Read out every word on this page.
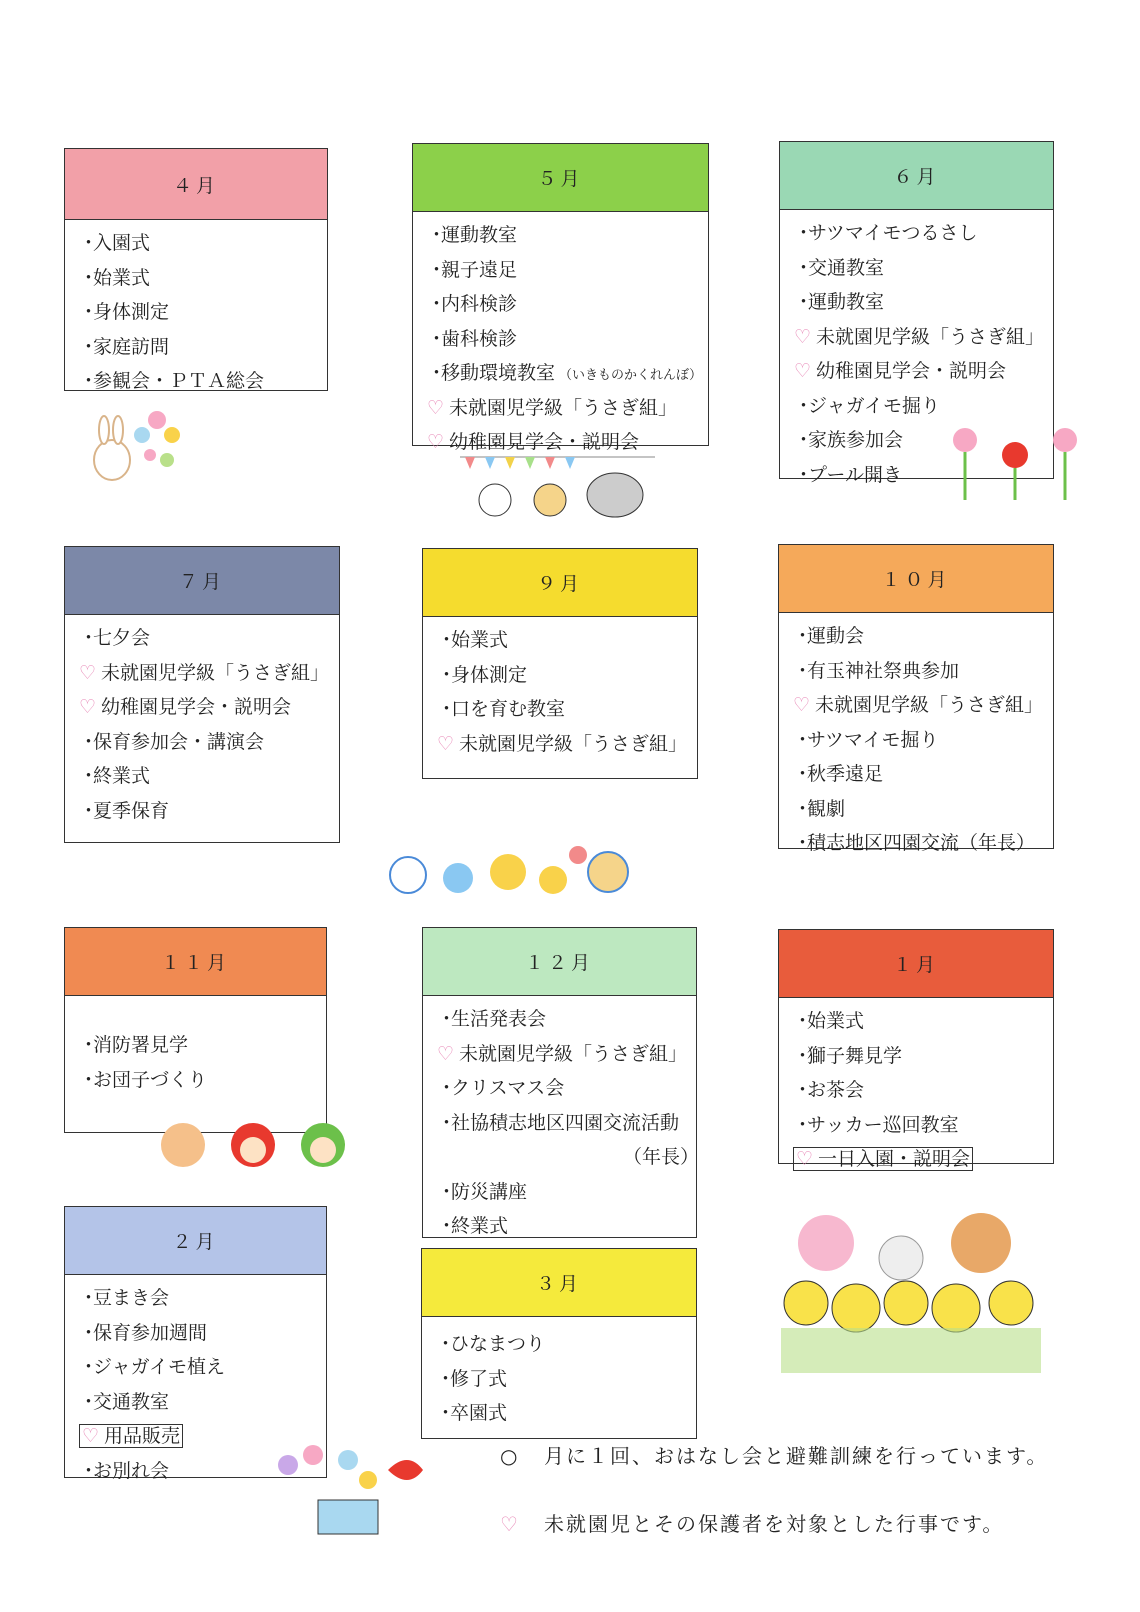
４月
・入園式
・始業式
・身体測定
・家庭訪問
・参観会・ＰＴＡ総会
５月
・運動教室
・親子遠足
・内科検診
・歯科検診
・移動環境教室 （いきものかくれんぼ）
♡ 未就園児学級「うさぎ組」
♡ 幼稚園見学会・説明会
６月
・サツマイモつるさし
・交通教室
・運動教室
♡ 未就園児学級「うさぎ組」
♡ 幼稚園見学会・説明会
・ジャガイモ掘り
・家族参加会
・プール開き
７月
・七夕会
♡ 未就園児学級「うさぎ組」
♡ 幼稚園見学会・説明会
・保育参加会・講演会
・終業式
・夏季保育
９月
・始業式
・身体測定
・口を育む教室
♡ 未就園児学級「うさぎ組」
１０月
・運動会
・有玉神社祭典参加
♡ 未就園児学級「うさぎ組」
・サツマイモ掘り
・秋季遠足
・観劇
・積志地区四園交流（年長）
１１月
・消防署見学
・お団子づくり
１２月
・生活発表会
♡ 未就園児学級「うさぎ組」
・クリスマス会
・社協積志地区四園交流活動
（年長）
・防災講座
・終業式
１月
・始業式
・獅子舞見学
・お茶会
・サッカー巡回教室
♡ 一日入園・説明会
２月
・豆まき会
・保育参加週間
・ジャガイモ植え
・交通教室
♡ 用品販売
・お別れ会
３月
・ひなまつり
・修了式
・卒園式
○ 月に１回、おはなし会と避難訓練を行っています。
♡ 未就園児とその保護者を対象とした行事です。
